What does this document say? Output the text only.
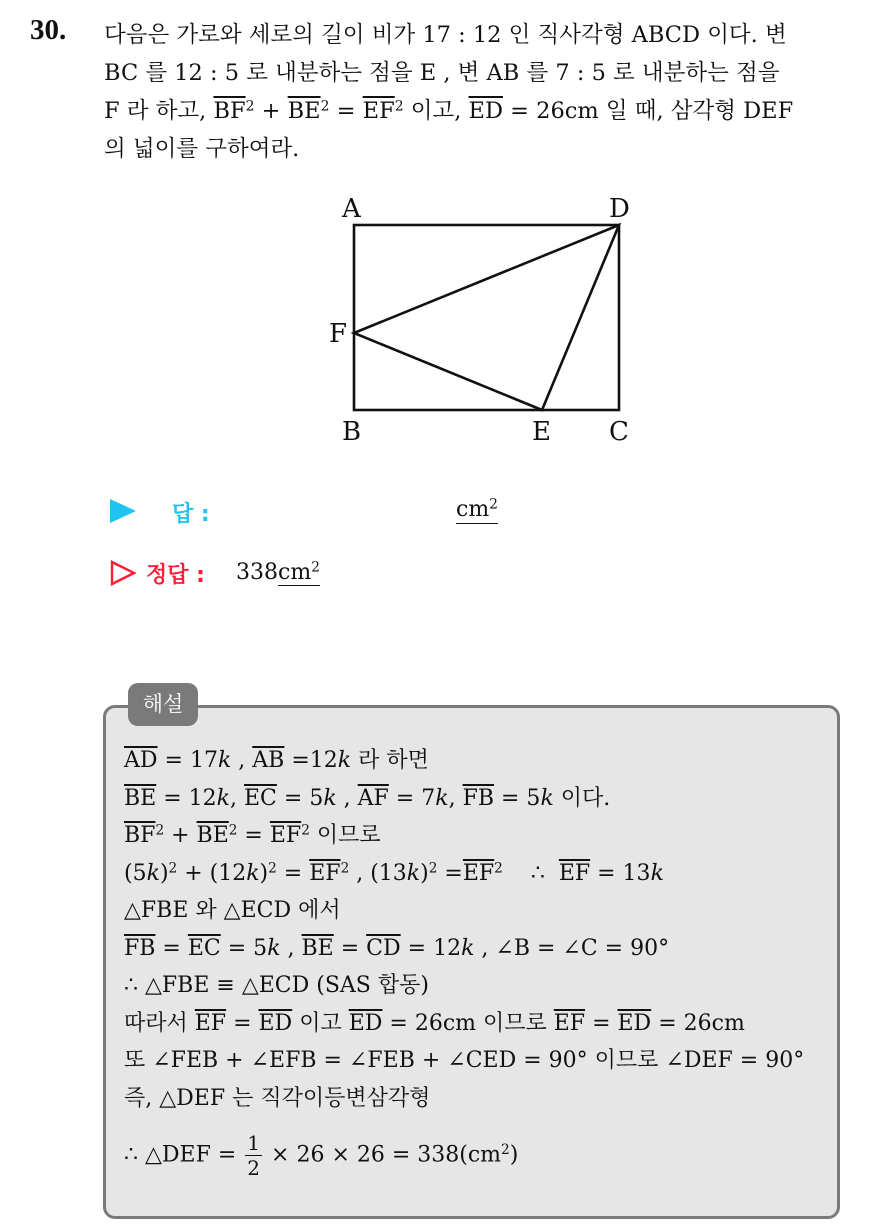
30. 다음은 가로와 세로의 길이 비가 17 : 12 인 직사각형 ABCD 이다. 변
BC 를 12 : 5 로 내분하는 점을 E , 변 AB 를 7 : 5 로 내분하는 점을
F 라 하고, $\overline{BF}^2 + \overline{BE}^2 = \overline{EF}^2$ 이고, $\overline{ED} = 26cm$ 일 때, 삼각형 DEF
의 넓이를 구하여라.
A	D
F
B	E C
답 :	$cm^2$
정답 : $338cm^2$
해설
$\overline{AD} = 17k$ , $\overline{AB} =12k$ 라 하면
$\overline{BE} = 12k$, $\overline{EC} = 5k$ , $\overline{AF} = 7k$, $\overline{FB} = 5k$ 이다.
$\overline{BF}^2 + \overline{BE}^2 = \overline{EF}^2$ 이므로
$(5k)^2 + (12k)^2 = \overline{EF}^2$ , $(13k)^2 =\overline{EF}^2$    ∴  $\overline{EF} = 13k$
△FBE 와 △ECD 에서
$\overline{FB} = \overline{EC} = 5k$ , $\overline{BE} = \overline{CD} = 12k$ , ∠B = ∠C = 90°
∴ △FBE ≡ △ECD (SAS 합동)
따라서 $\overline{EF} = \overline{ED}$ 이고 $\overline{ED} = 26cm$ 이므로 $\overline{EF} = \overline{ED} = 26cm$
또 ∠FEB + ∠EFB = ∠FEB + ∠CED = 90° 이므로 ∠DEF = 90°
즉, △DEF 는 직각이등변삼각형
∴ △DEF = $\frac{1}{2} \times 26 \times 26 = 338(cm^2)$
